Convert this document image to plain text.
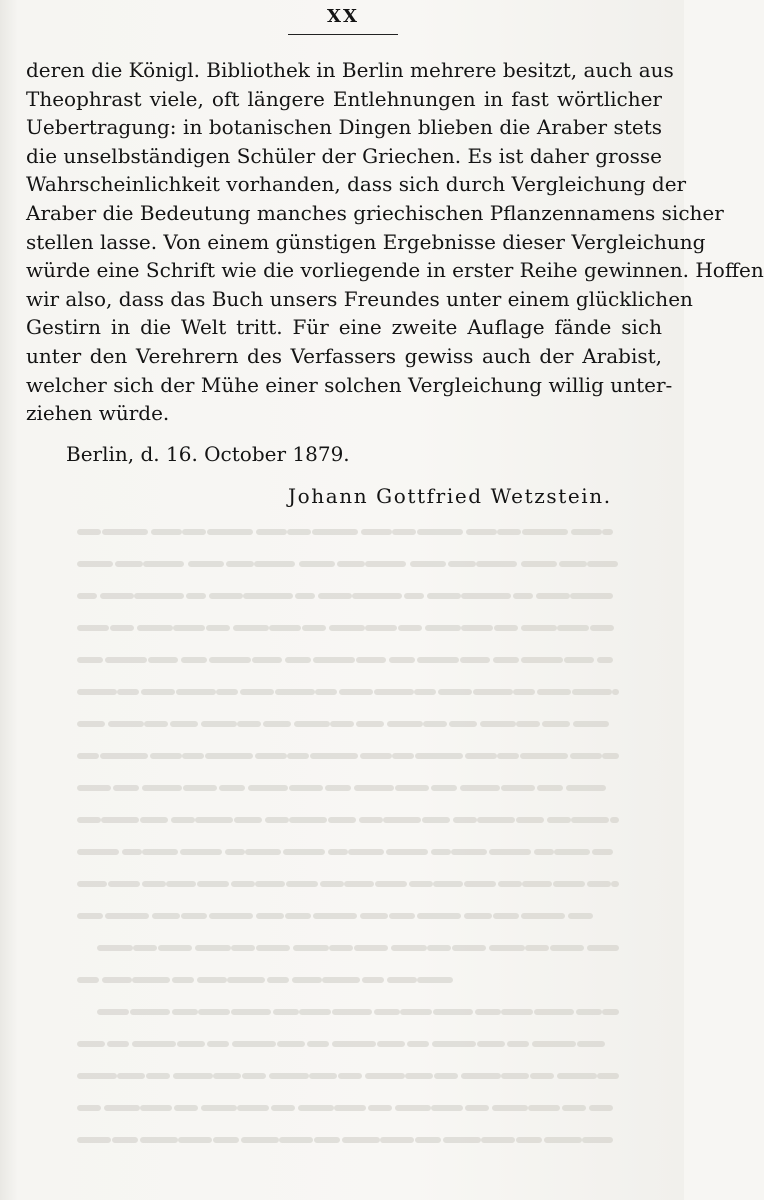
XX
deren die Königl. Bibliothek in Berlin mehrere besitzt, auch aus
Theophrast viele, oft längere Entlehnungen in fast wörtlicher
Uebertragung: in botanischen Dingen blieben die Araber stets
die unselbständigen Schüler der Griechen. Es ist daher grosse
Wahrscheinlichkeit vorhanden, dass sich durch Vergleichung der
Araber die Bedeutung manches griechischen Pflanzennamens sicher
stellen lasse. Von einem günstigen Ergebnisse dieser Vergleichung
würde eine Schrift wie die vorliegende in erster Reihe gewinnen. Hoffen
wir also, dass das Buch unsers Freundes unter einem glücklichen
Gestirn in die Welt tritt. Für eine zweite Auflage fände sich
unter den Verehrern des Verfassers gewiss auch der Arabist,
welcher sich der Mühe einer solchen Vergleichung willig unter-
ziehen würde.
Berlin, d. 16. October 1879.
Johann Gottfried Wetzstein.
